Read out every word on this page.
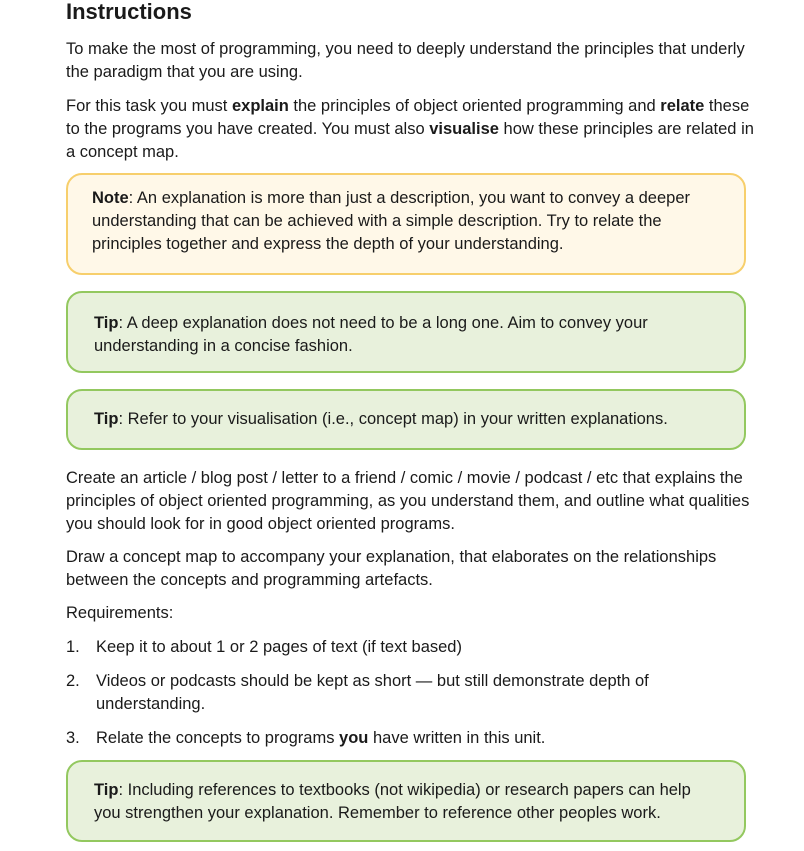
Instructions

To make the most of programming, you need to deeply understand the principles that underly the paradigm that you are using.

For this task you must explain the principles of object oriented programming and relate these to the programs you have created. You must also visualise how these principles are related in a concept map.

Note: An explanation is more than just a description, you want to convey a deeper understanding that can be achieved with a simple description. Try to relate the principles together and express the depth of your understanding.
Tip: A deep explanation does not need to be a long one. Aim to convey your understanding in a concise fashion.
Tip: Refer to your visualisation (i.e., concept map) in your written explanations.

Create an article / blog post / letter to a friend / comic / movie / podcast / etc that explains the principles of object oriented programming, as you understand them, and outline what qualities you should look for in good object oriented programs.

Draw a concept map to accompany your explanation, that elaborates on the relationships between the concepts and programming artefacts.

Requirements:

1. Keep it to about 1 or 2 pages of text (if text based)
2. Videos or podcasts should be kept as short — but still demonstrate depth of understanding.
3. Relate the concepts to programs you have written in this unit.
Tip: Including references to textbooks (not wikipedia) or research papers can help you strengthen your explanation. Remember to reference other peoples work.
